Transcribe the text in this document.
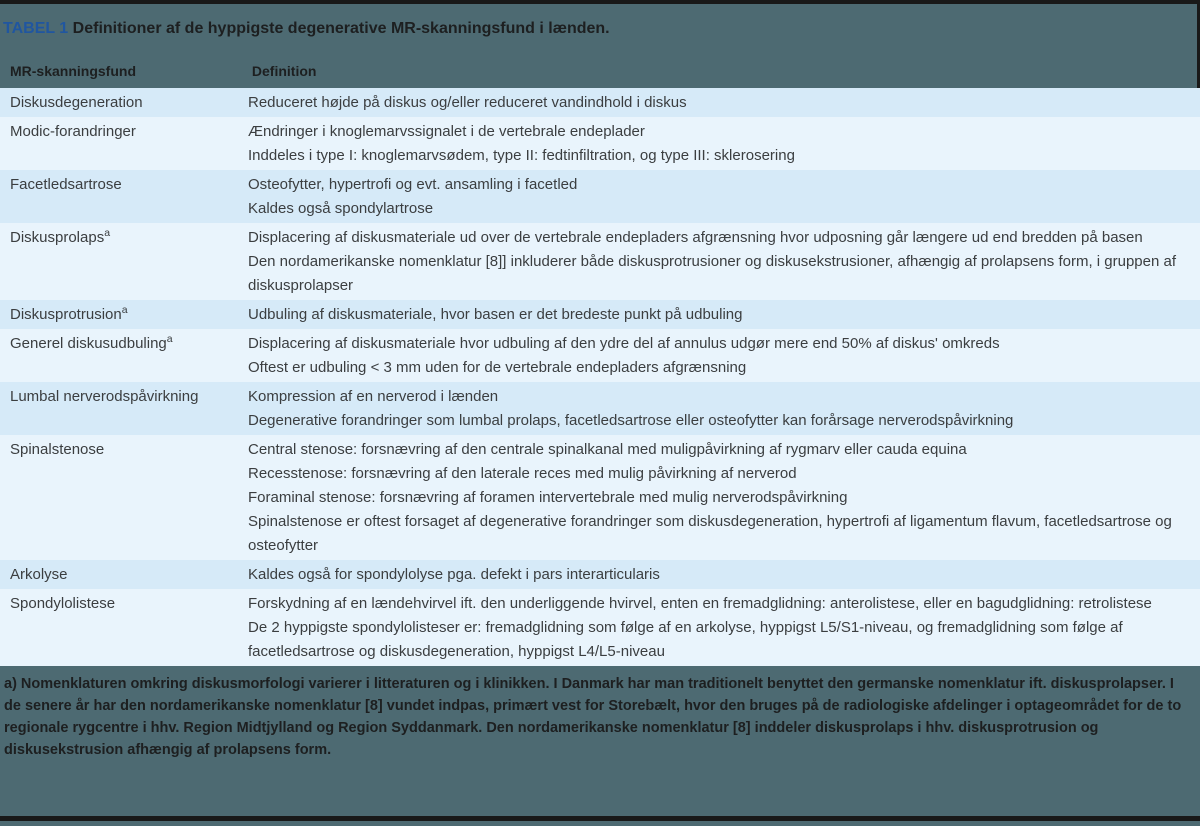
TABEL 1 Definitioner af de hyppigste degenerative MR-skanningsfund i lænden.
MR-skanningsfund	Definition
Diskusdegeneration	Reduceret højde på diskus og/eller reduceret vandindhold i diskus

Modic-forandringer	Ændringer i knoglemarvssignalet i de vertebrale endeplader
Inddeles i type I: knoglemarvsødem, type II: fedtinfiltration, og type III: sklerosering

Facetledsartrose	Osteofytter, hypertrofi og evt. ansamling i facetled
Kaldes også spondylartrose

Diskusprolaps$^a$	Displacering af diskusmateriale ud over de vertebrale endepladers afgrænsning hvor udposning går længere ud end bredden på basen
Den nordamerikanske nomenklatur [8]] inkluderer både diskusprotrusioner og diskusekstrusioner, afhængig af prolapsens form, i gruppen af diskusprolapser

Diskusprotrusion$^a$	Udbuling af diskusmateriale, hvor basen er det bredeste punkt på udbuling

Generel diskusudbuling$^a$	Displacering af diskusmateriale hvor udbuling af den ydre del af annulus udgør mere end 50% af diskus' omkreds
Oftest er udbuling < 3 mm uden for de vertebrale endepladers afgrænsning

Lumbal nerverodspåvirkning	Kompression af en nerverod i lænden
Degenerative forandringer som lumbal prolaps, facetledsartrose eller osteofytter kan forårsage nerverodspåvirkning

Spinalstenose	Central stenose: forsnævring af den centrale spinalkanal med muligpåvirkning af rygmarv eller cauda equina
Recesstenose: forsnævring af den laterale reces med mulig påvirkning af nerverod
Foraminal stenose: forsnævring af foramen intervertebrale med mulig nerverodspåvirkning
Spinalstenose er oftest forsaget af degenerative forandringer som diskusdegeneration, hypertrofi af ligamentum flavum, facetledsartrose og osteofytter

Arkolyse	Kaldes også for spondylolyse pga. defekt i pars interarticularis

Spondylolistese	Forskydning af en lændehvirvel ift. den underliggende hvirvel, enten en fremadglidning: anterolistese, eller en bagudglidning: retrolistese
De 2 hyppigste spondylolisteser er: fremadglidning som følge af en arkolyse, hyppigst L5/S1-niveau, og fremadglidning som følge af facetledsartrose og diskusdegeneration, hyppigst L4/L5-niveau
a) Nomenklaturen omkring diskusmorfologi varierer i litteraturen og i klinikken. I Danmark har man traditionelt benyttet den germanske nomenklatur ift. diskusprolapser. I de senere år har den nordamerikanske nomenklatur [8] vundet indpas, primært vest for Storebælt, hvor den bruges på de radiologiske afdelinger i optageområdet for de to regionale rygcentre i hhv. Region Midtjylland og Region Syddanmark. Den nordamerikanske nomenklatur [8] inddeler diskusprolaps i hhv. diskusprotrusion og diskusekstrusion afhængig af prolapsens form.
